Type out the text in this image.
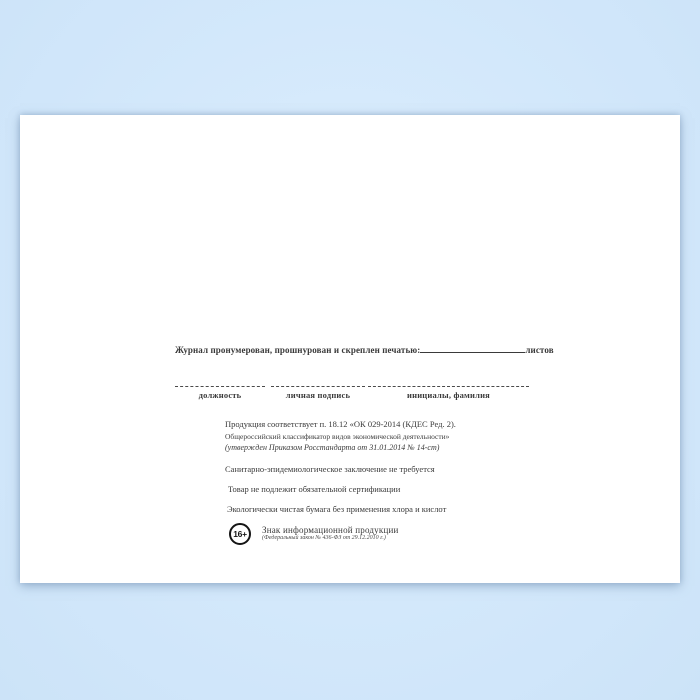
Журнал пронумерован, прошнурован и скреплен печатью:	листов
должность	личная подпись	инициалы, фамилия
Продукция соответствует п. 18.12 «ОК 029-2014 (КДЕС Ред. 2).
Общероссийский классификатор видов экономической деятельности»
(утвержден Приказом Росстандарта от 31.01.2014 № 14-ст)
Санитарно-эпидемиологическое заключение не требуется
Товар не подлежит обязательной сертификации
Экологически чистая бумага без применения хлора и кислот
16+	Знак информационной продукции
(Федеральный закон № 436-ФЗ от 29.12.2010 г.)
